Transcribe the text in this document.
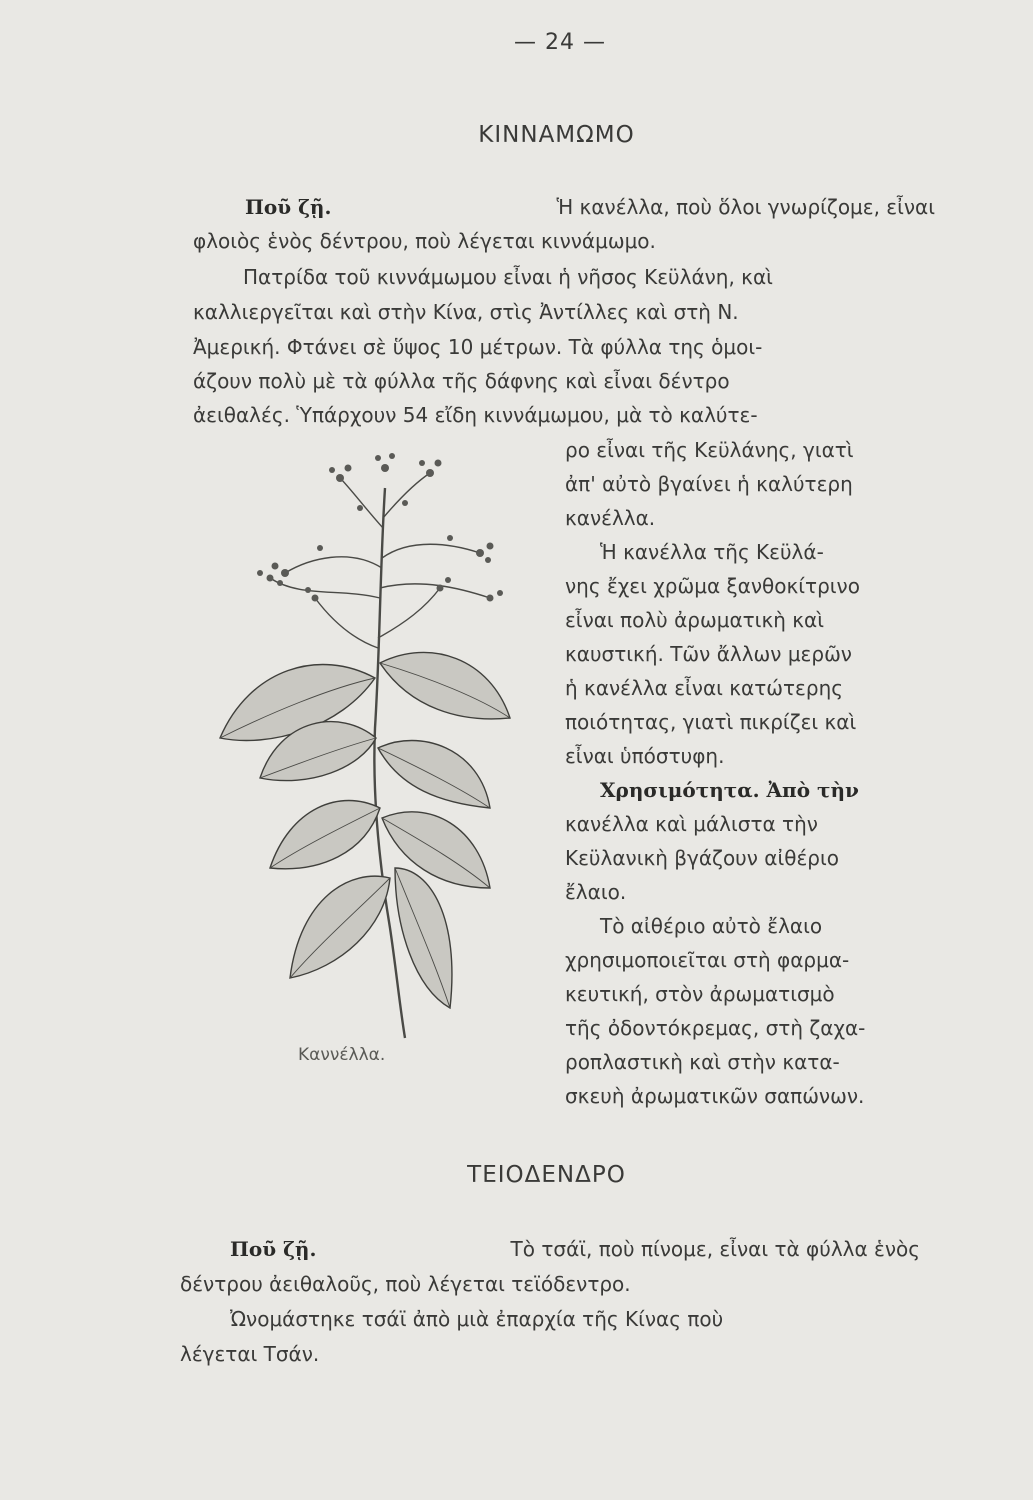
— 24 —
ΚΙΝΝΑΜΩΜΟ
Ποῦ ζῇ.	Ἡ κανέλλα, ποὺ ὅλοι γνωρίζομε, εἶναι
φλοιὸς ἑνὸς δέντρου, ποὺ λέγεται κιννάμωμο.
Πατρίδα τοῦ κιννάμωμου εἶναι ἡ νῆσος Κεϋλάνη, καὶ
καλλιεργεῖται καὶ στὴν Κίνα, στὶς Ἀντίλλες καὶ στὴ Ν.
Ἀμερική. Φτάνει σὲ ὕψος 10 μέτρων. Τὰ φύλλα της ὁμοι-
άζουν πολὺ μὲ τὰ φύλλα τῆς δάφνης καὶ εἶναι δέντρο
ἀειθαλές. Ὑπάρχουν 54 εἴδη κιννάμωμου, μὰ τὸ καλύτε-
ρο εἶναι τῆς Κεϋλάνης, γιατὶ
ἀπ' αὐτὸ βγαίνει ἡ καλύτερη
κανέλλα.
Ἡ κανέλλα τῆς Κεϋλά-
νης ἔχει χρῶμα ξανθοκίτρινο
εἶναι πολὺ ἀρωματικὴ καὶ
καυστική. Τῶν ἄλλων μερῶν
ἡ κανέλλα εἶναι κατώτερης
ποιότητας, γιατὶ πικρίζει καὶ
εἶναι ὑπόστυφη.
Χρησιμότητα. Ἀπὸ τὴν
κανέλλα καὶ μάλιστα τὴν
Κεϋλανικὴ βγάζουν αἰθέριο
ἔλαιο.
Τὸ αἰθέριο αὐτὸ ἔλαιο
χρησιμοποιεῖται στὴ φαρμα-
κευτική, στὸν ἀρωματισμὸ
τῆς ὀδοντόκρεμας, στὴ ζαχα-
ροπλαστικὴ καὶ στὴν κατα-
σκευὴ ἀρωματικῶν σαπώνων.
Καννέλλα.
ΤΕΙΟΔΕΝΔΡΟ
Ποῦ ζῇ.	Τὸ τσάϊ, ποὺ πίνομε, εἶναι τὰ φύλλα ἑνὸς
δέντρου ἀειθαλοῦς, ποὺ λέγεται τεϊόδεντρο.
Ὠνομάστηκε τσάϊ ἀπὸ μιὰ ἐπαρχία τῆς Κίνας ποὺ
λέγεται Τσάν.
